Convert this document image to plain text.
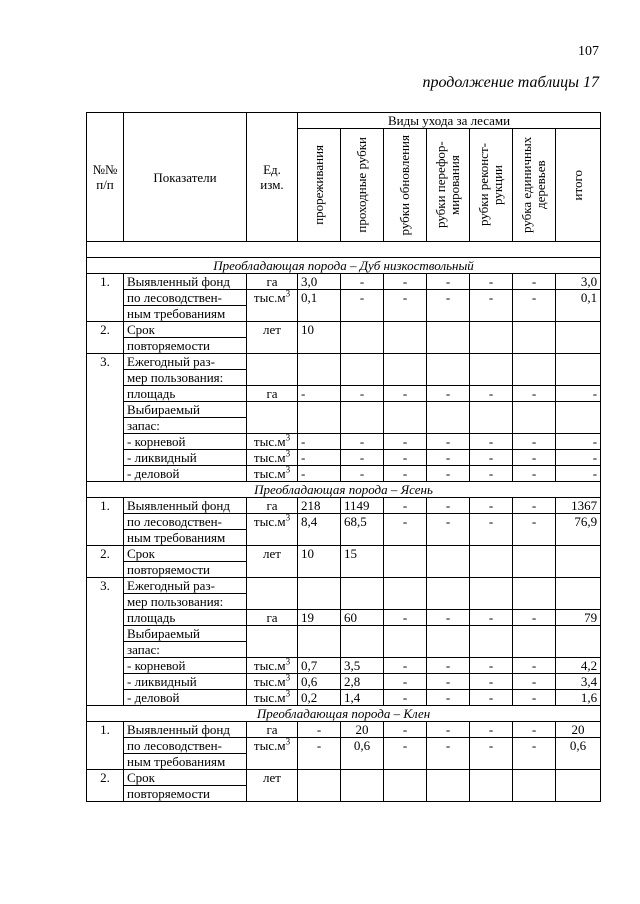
107
продолжение таблицы 17
№№ п/п	Показатели	Ед. изм.	Виды ухода за лесами						

			прореживания	проходные рубки	рубки обновления	рубки перефор-мирования	рубки реконст-рукции	рубка единичных деревьев	итого

Преобладающая порода – Дуб низкоствольный									
1.	Выявленный фонд	га	3,0	-	-	-	-	-	3,0
	по лесоводствен-	$тыс.м^3$	0,1	-	-	-	-	-	0,1
	ным требованиям								
2.	Срок	лет	10						
	повторяемости								
3.	Ежегодный раз-								
	мер пользования:								
	площадь	га	-	-	-	-	-	-	-
	Выбираемый								
	запас:								
	- корневой	$тыс.м^3$	-	-	-	-	-	-	-
	- ликвидный	$тыс.м^3$	-	-	-	-	-	-	-
	- деловой	$тыс.м^3$	-	-	-	-	-	-	-
Преобладающая порода – Ясень									
1.	Выявленный фонд	га	218	1149	-	-	-	-	1367
	по лесоводствен-	$тыс.м^3$	8,4	68,5	-	-	-	-	76,9
	ным требованиям								
2.	Срок	лет	10	15					
	повторяемости								
3.	Ежегодный раз-								
	мер пользования:								
	площадь	га	19	60	-	-	-	-	79
	Выбираемый								
	запас:								
	- корневой	$тыс.м^3$	0,7	3,5	-	-	-	-	4,2
	- ликвидный	$тыс.м^3$	0,6	2,8	-	-	-	-	3,4
	- деловой	$тыс.м^3$	0,2	1,4	-	-	-	-	1,6
Преобладающая порода – Клен									
1.	Выявленный фонд	га	-	20	-	-	-	-	20
	по лесоводствен-	$тыс.м^3$	-	0,6	-	-	-	-	0,6
	ным требованиям								
2.	Срок	лет							
	повторяемости								
